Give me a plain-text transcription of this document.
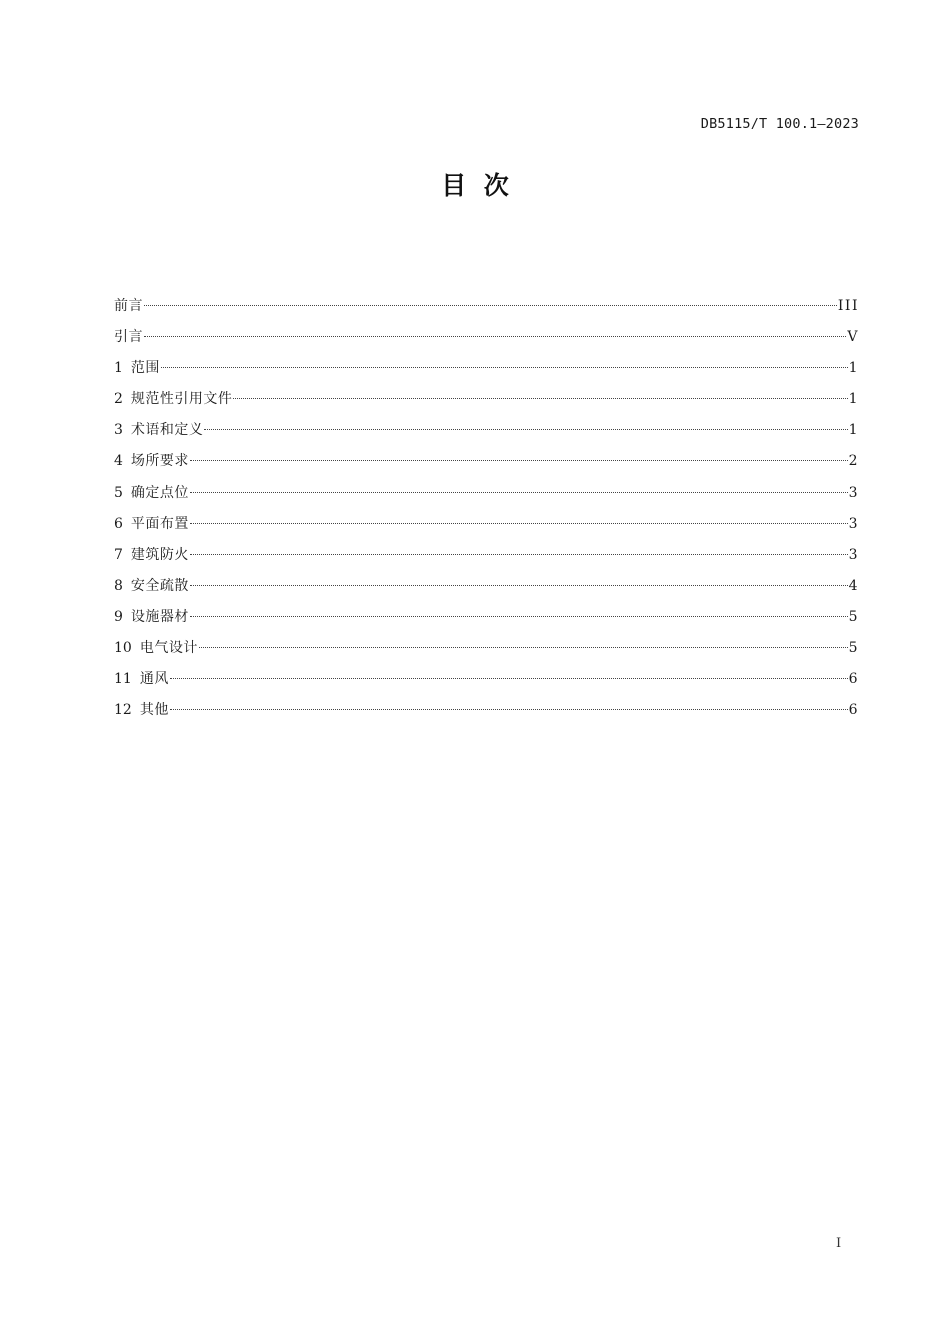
DB5115/T 100.1—2023
目  次
前言	III
引言	V
1 范围	1
2 规范性引用文件	1
3 术语和定义	1
4 场所要求	2
5 确定点位	3
6 平面布置	3
7 建筑防火	3
8 安全疏散	4
9 设施器材	5
10 电气设计	5
11 通风	6
12 其他	6
I
